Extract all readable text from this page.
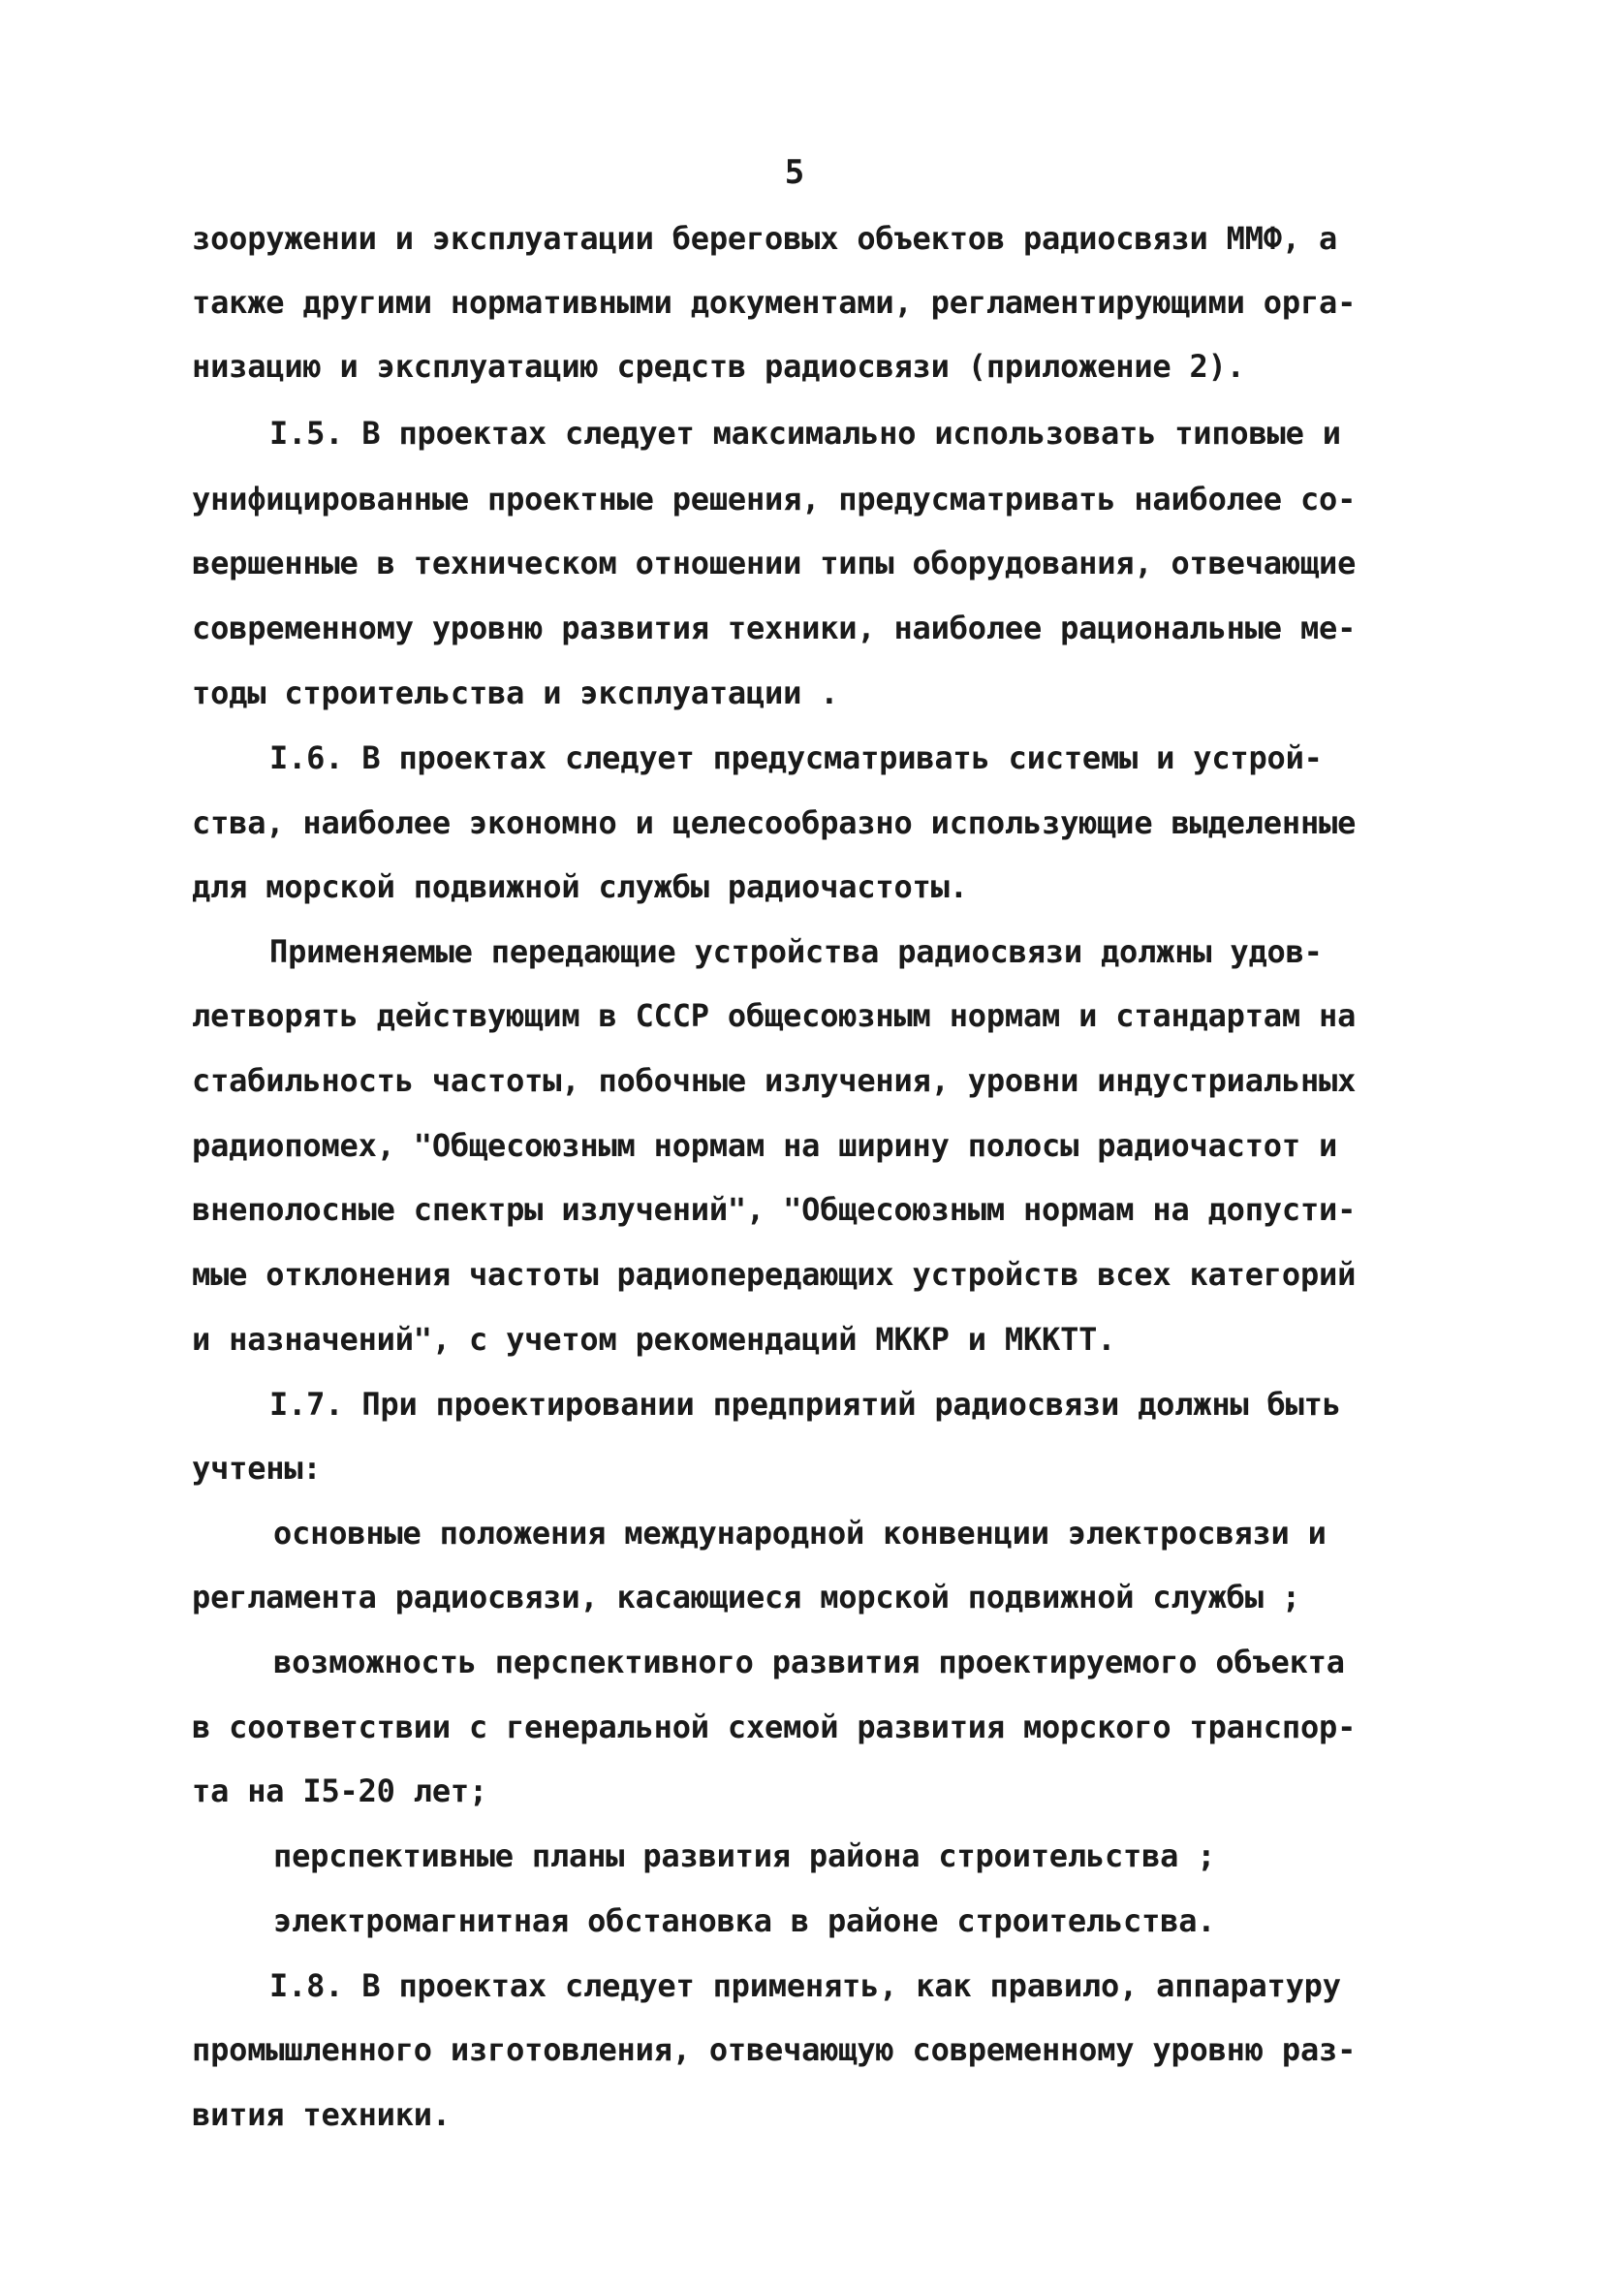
5
зооружении и эксплуатации береговых объектов радиосвязи ММФ, а
также другими нормативными документами, регламентирующими орга-
низацию и эксплуатацию средств радиосвязи (приложение 2).
I.5. В проектах следует максимально использовать типовые и
унифицированные проектные решения, предусматривать наиболее со-
вершенные в техническом отношении типы оборудования, отвечающие
современному уровню развития техники, наиболее рациональные ме-
тоды строительства и эксплуатации .
I.6. В проектах следует предусматривать системы и устрой-
ства, наиболее экономно и целесообразно использующие выделенные
для морской подвижной службы радиочастоты.
Применяемые передающие устройства радиосвязи должны удов-
летворять действующим в СССР общесоюзным нормам и стандартам на
стабильность частоты, побочные излучения, уровни индустриальных
радиопомех, "Общесоюзным нормам на ширину полосы радиочастот и
внеполосные спектры излучений", "Общесоюзным нормам на допусти-
мые отклонения частоты радиопередающих устройств всех категорий
и назначений", с учетом рекомендаций МККР и МККТТ.
I.7. При проектировании предприятий радиосвязи должны быть
учтены:
основные положения международной конвенции электросвязи и
регламента радиосвязи, касающиеся морской подвижной службы ;
возможность перспективного развития проектируемого объекта
в соответствии с генеральной схемой развития морского транспор-
та на I5-20 лет;
перспективные планы развития района строительства ;
электромагнитная обстановка в районе строительства.
I.8. В проектах следует применять, как правило, аппаратуру
промышленного изготовления, отвечающую современному уровню раз-
вития техники.
